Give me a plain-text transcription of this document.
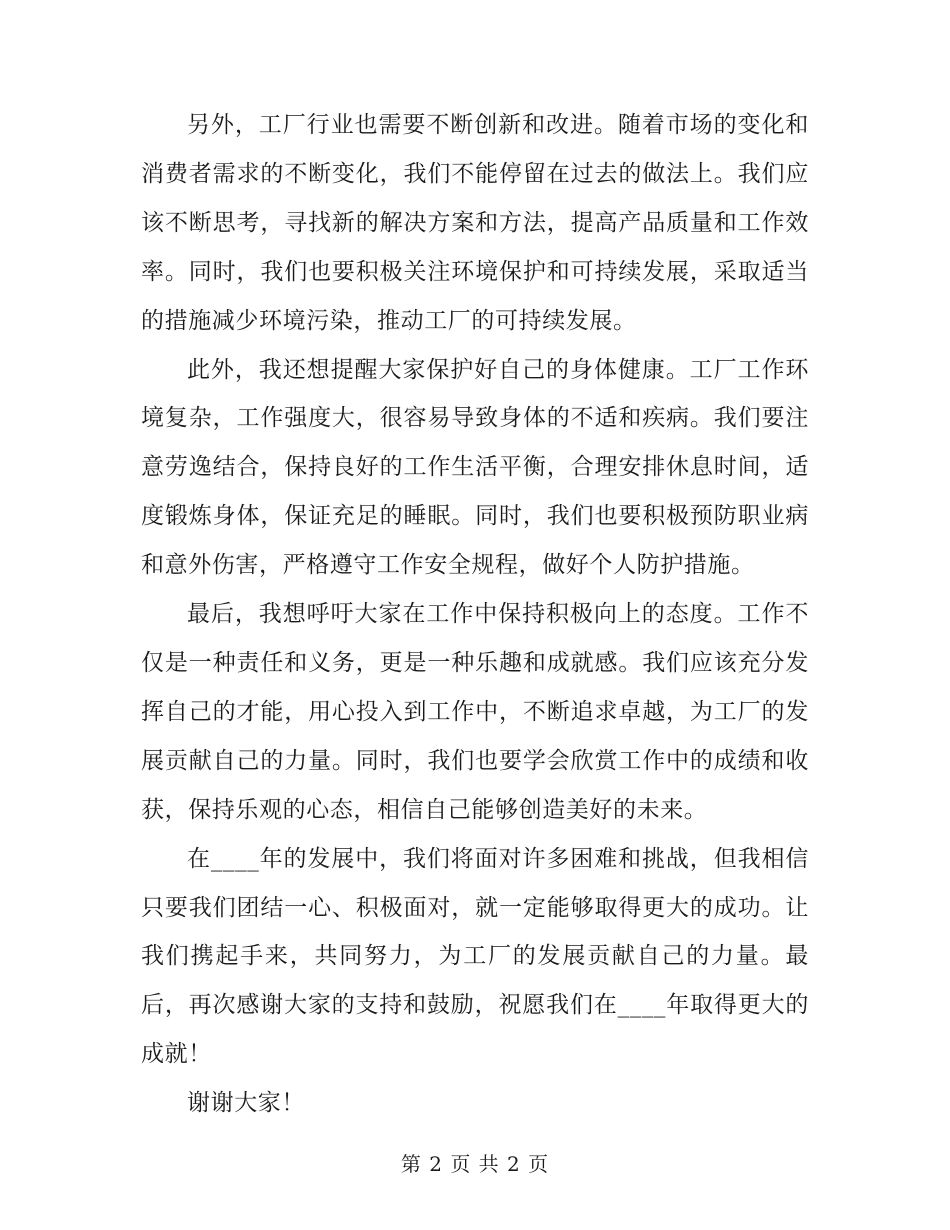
另外，工厂行业也需要不断创新和改进。随着市场的变化和消费者需求的不断变化，我们不能停留在过去的做法上。我们应该不断思考，寻找新的解决方案和方法，提高产品质量和工作效率。同时，我们也要积极关注环境保护和可持续发展，采取适当的措施减少环境污染，推动工厂的可持续发展。

此外，我还想提醒大家保护好自己的身体健康。工厂工作环境复杂，工作强度大，很容易导致身体的不适和疾病。我们要注意劳逸结合，保持良好的工作生活平衡，合理安排休息时间，适度锻炼身体，保证充足的睡眠。同时，我们也要积极预防职业病和意外伤害，严格遵守工作安全规程，做好个人防护措施。

最后，我想呼吁大家在工作中保持积极向上的态度。工作不仅是一种责任和义务，更是一种乐趣和成就感。我们应该充分发挥自己的才能，用心投入到工作中，不断追求卓越，为工厂的发展贡献自己的力量。同时，我们也要学会欣赏工作中的成绩和收获，保持乐观的心态，相信自己能够创造美好的未来。

在____年的发展中，我们将面对许多困难和挑战，但我相信只要我们团结一心、积极面对，就一定能够取得更大的成功。让我们携起手来，共同努力，为工厂的发展贡献自己的力量。最后，再次感谢大家的支持和鼓励，祝愿我们在____年取得更大的成就！

谢谢大家！

第 2 页 共 2 页
